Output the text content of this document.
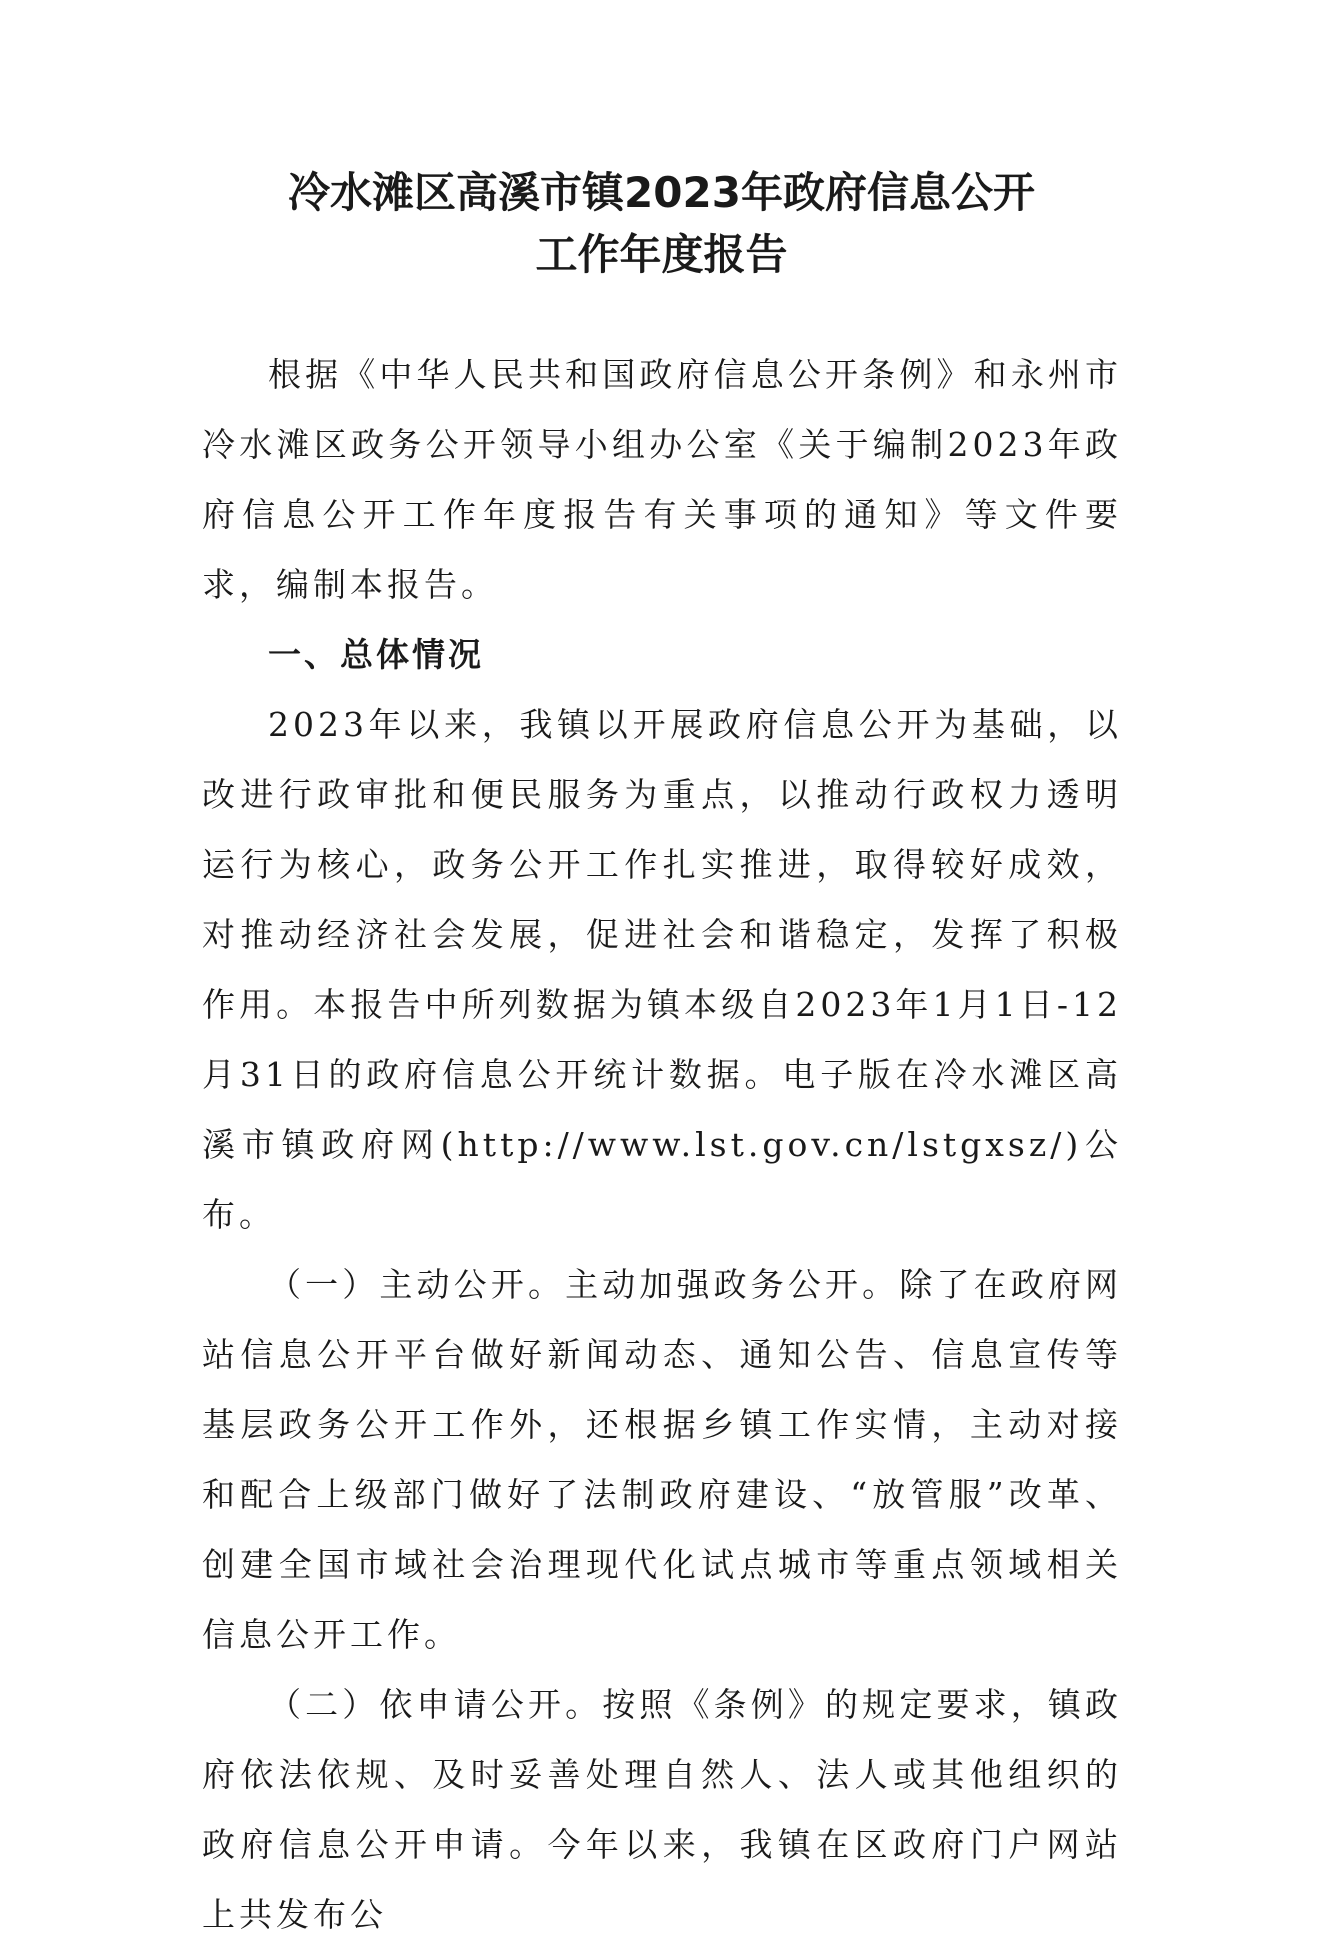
冷水滩区高溪市镇2023年政府信息公开
工作年度报告

根据《中华人民共和国政府信息公开条例》和永州市冷水滩区政务公开领导小组办公室《关于编制2023年政府信息公开工作年度报告有关事项的通知》等文件要求，编制本报告。

一、总体情况

2023年以来，我镇以开展政府信息公开为基础，以改进行政审批和便民服务为重点，以推动行政权力透明运行为核心，政务公开工作扎实推进，取得较好成效，对推动经济社会发展，促进社会和谐稳定，发挥了积极作用。本报告中所列数据为镇本级自2023年1月1日-12月31日的政府信息公开统计数据。电子版在冷水滩区高溪市镇政府网(http://www.lst.gov.cn/lstgxsz/)公布。

（一）主动公开。主动加强政务公开。除了在政府网站信息公开平台做好新闻动态、通知公告、信息宣传等基层政务公开工作外，还根据乡镇工作实情，主动对接和配合上级部门做好了法制政府建设、“放管服”改革、创建全国市域社会治理现代化试点城市等重点领域相关信息公开工作。

（二）依申请公开。按照《条例》的规定要求，镇政府依法依规、及时妥善处理自然人、法人或其他组织的政府信息公开申请。今年以来，我镇在区政府门户网站上共发布公
